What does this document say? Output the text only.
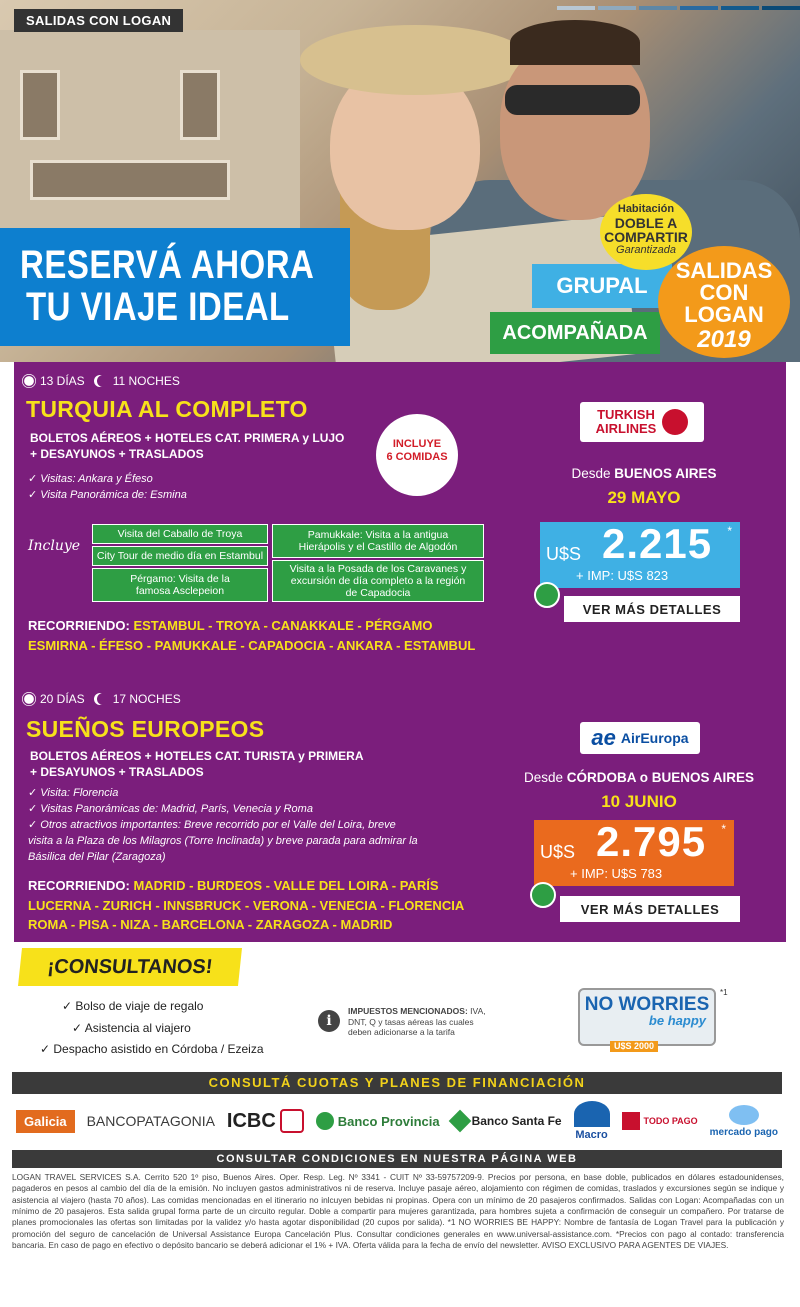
SALIDAS CON LOGAN
RESERVÁ AHORA
TU VIAJE IDEAL	GRUPAL
ACOMPAÑADA
Habitación
DOBLE A COMPARTIR
Garantizada
SALIDAS
CON LOGAN
2019
13 DÍAS 11 NOCHES
TURQUIA AL COMPLETO
BOLETOS AÉREOS + HOTELES CAT. PRIMERA y LUJO
+ DESAYUNOS + TRASLADOS
✓ Visitas: Ankara y Éfeso
✓ Visita Panorámica de: Esmina
INCLUYE
6 COMIDAS
Incluye
Visita del Caballo de Troya
City Tour de medio día en Estambul
Pérgamo: Visita de la famosa Asclepeion
Pamukkale: Visita a la antigua Hierápolis y el Castillo de Algodón
Visita a la Posada de los Caravanes y excursión de día completo a la región de Capadocia
RECORRIENDO: ESTAMBUL - TROYA - CANAKKALE - PÉRGAMO
ESMIRNA - ÉFESO - PAMUKKALE - CAPADOCIA - ANKARA - ESTAMBUL
TURKISH
AIRLINES
Desde BUENOS AIRES
29 MAYO
U$S 2.215 *
+ IMP: U$S 823
VER MÁS DETALLES
20 DÍAS 17 NOCHES
SUEÑOS EUROPEOS
BOLETOS AÉREOS + HOTELES CAT. TURISTA y PRIMERA
+ DESAYUNOS + TRASLADOS
✓ Visita: Florencia
✓ Visitas Panorámicas de: Madrid, París, Venecia y Roma
✓ Otros atractivos importantes: Breve recorrido por el Valle del Loira, breve visita a la Plaza de los Milagros (Torre Inclinada) y breve parada para admirar la Básilica del Pilar (Zaragoza)
RECORRIENDO: MADRID - BURDEOS - VALLE DEL LOIRA - PARÍS
LUCERNA - ZURICH - INNSBRUCK - VERONA - VENECIA - FLORENCIA
ROMA - PISA - NIZA - BARCELONA - ZARAGOZA - MADRID
ae AirEuropa
Desde CÓRDOBA o BUENOS AIRES
10 JUNIO
U$S 2.795 *
+ IMP: U$S 783
VER MÁS DETALLES
¡CONSULTANOS!
✓ Bolso de viaje de regalo
✓ Asistencia al viajero
✓ Despacho asistido en Córdoba / Ezeiza
i
IMPUESTOS MENCIONADOS: IVA, DNT, Q y tasas aéreas las cuales deben adicionarse a la tarifa
NO WORRIES
be happy
U$S 2000
*1
CONSULTÁ CUOTAS Y PLANES DE FINANCIACIÓN
Galicia BANCOPATAGONIA ICBC	Banco Provincia	Banco Santa Fe
Macro
TODO PAGO
mercado pago
CONSULTAR CONDICIONES EN NUESTRA PÁGINA WEB
LOGAN TRAVEL SERVICES S.A. Cerrito 520 1º piso, Buenos Aires. Oper. Resp. Leg. Nº 3341 - CUIT Nº 33-59757209-9. Precios por persona, en base doble, publicados en dólares estadounidenses, pagaderos en pesos al cambio del día de la emisión. No incluyen gastos administrativos ni de reserva. Incluye pasaje aéreo, alojamiento con régimen de comidas, traslados y excursiones según se indique y asistencia al viajero (hasta 70 años). Las comidas mencionadas en el itinerario no inlcuyen bebidas ni propinas. Opera con un mínimo de 20 pasajeros confirmados. Salidas con Logan: Acompañadas con un mínimo de 20 pasajeros. Esta salida grupal forma parte de un circuito regular. Doble a compartir para mujeres garantizada, para hombres sujeta a confirmación de conseguir un compañero. Por tratarse de planes promocionales las ofertas son limitadas por la validez y/o hasta agotar disponibilidad (20 cupos por salida). *1 NO WORRIES BE HAPPY: Nombre de fantasía de Logan Travel para la publicación y promoción del seguro de cancelación de Universal Assistance Europa Cancelación Plus. Consultar condiciones generales en www.universal-assistance.com. *Precios con pago al contado: transferencia bancaria. En caso de pago en efectivo o depósito bancario se deberá adicionar el 1% + IVA. Oferta válida para la fecha de envío del newsletter. AVISO EXCLUSIVO PARA AGENTES DE VIAJES.
